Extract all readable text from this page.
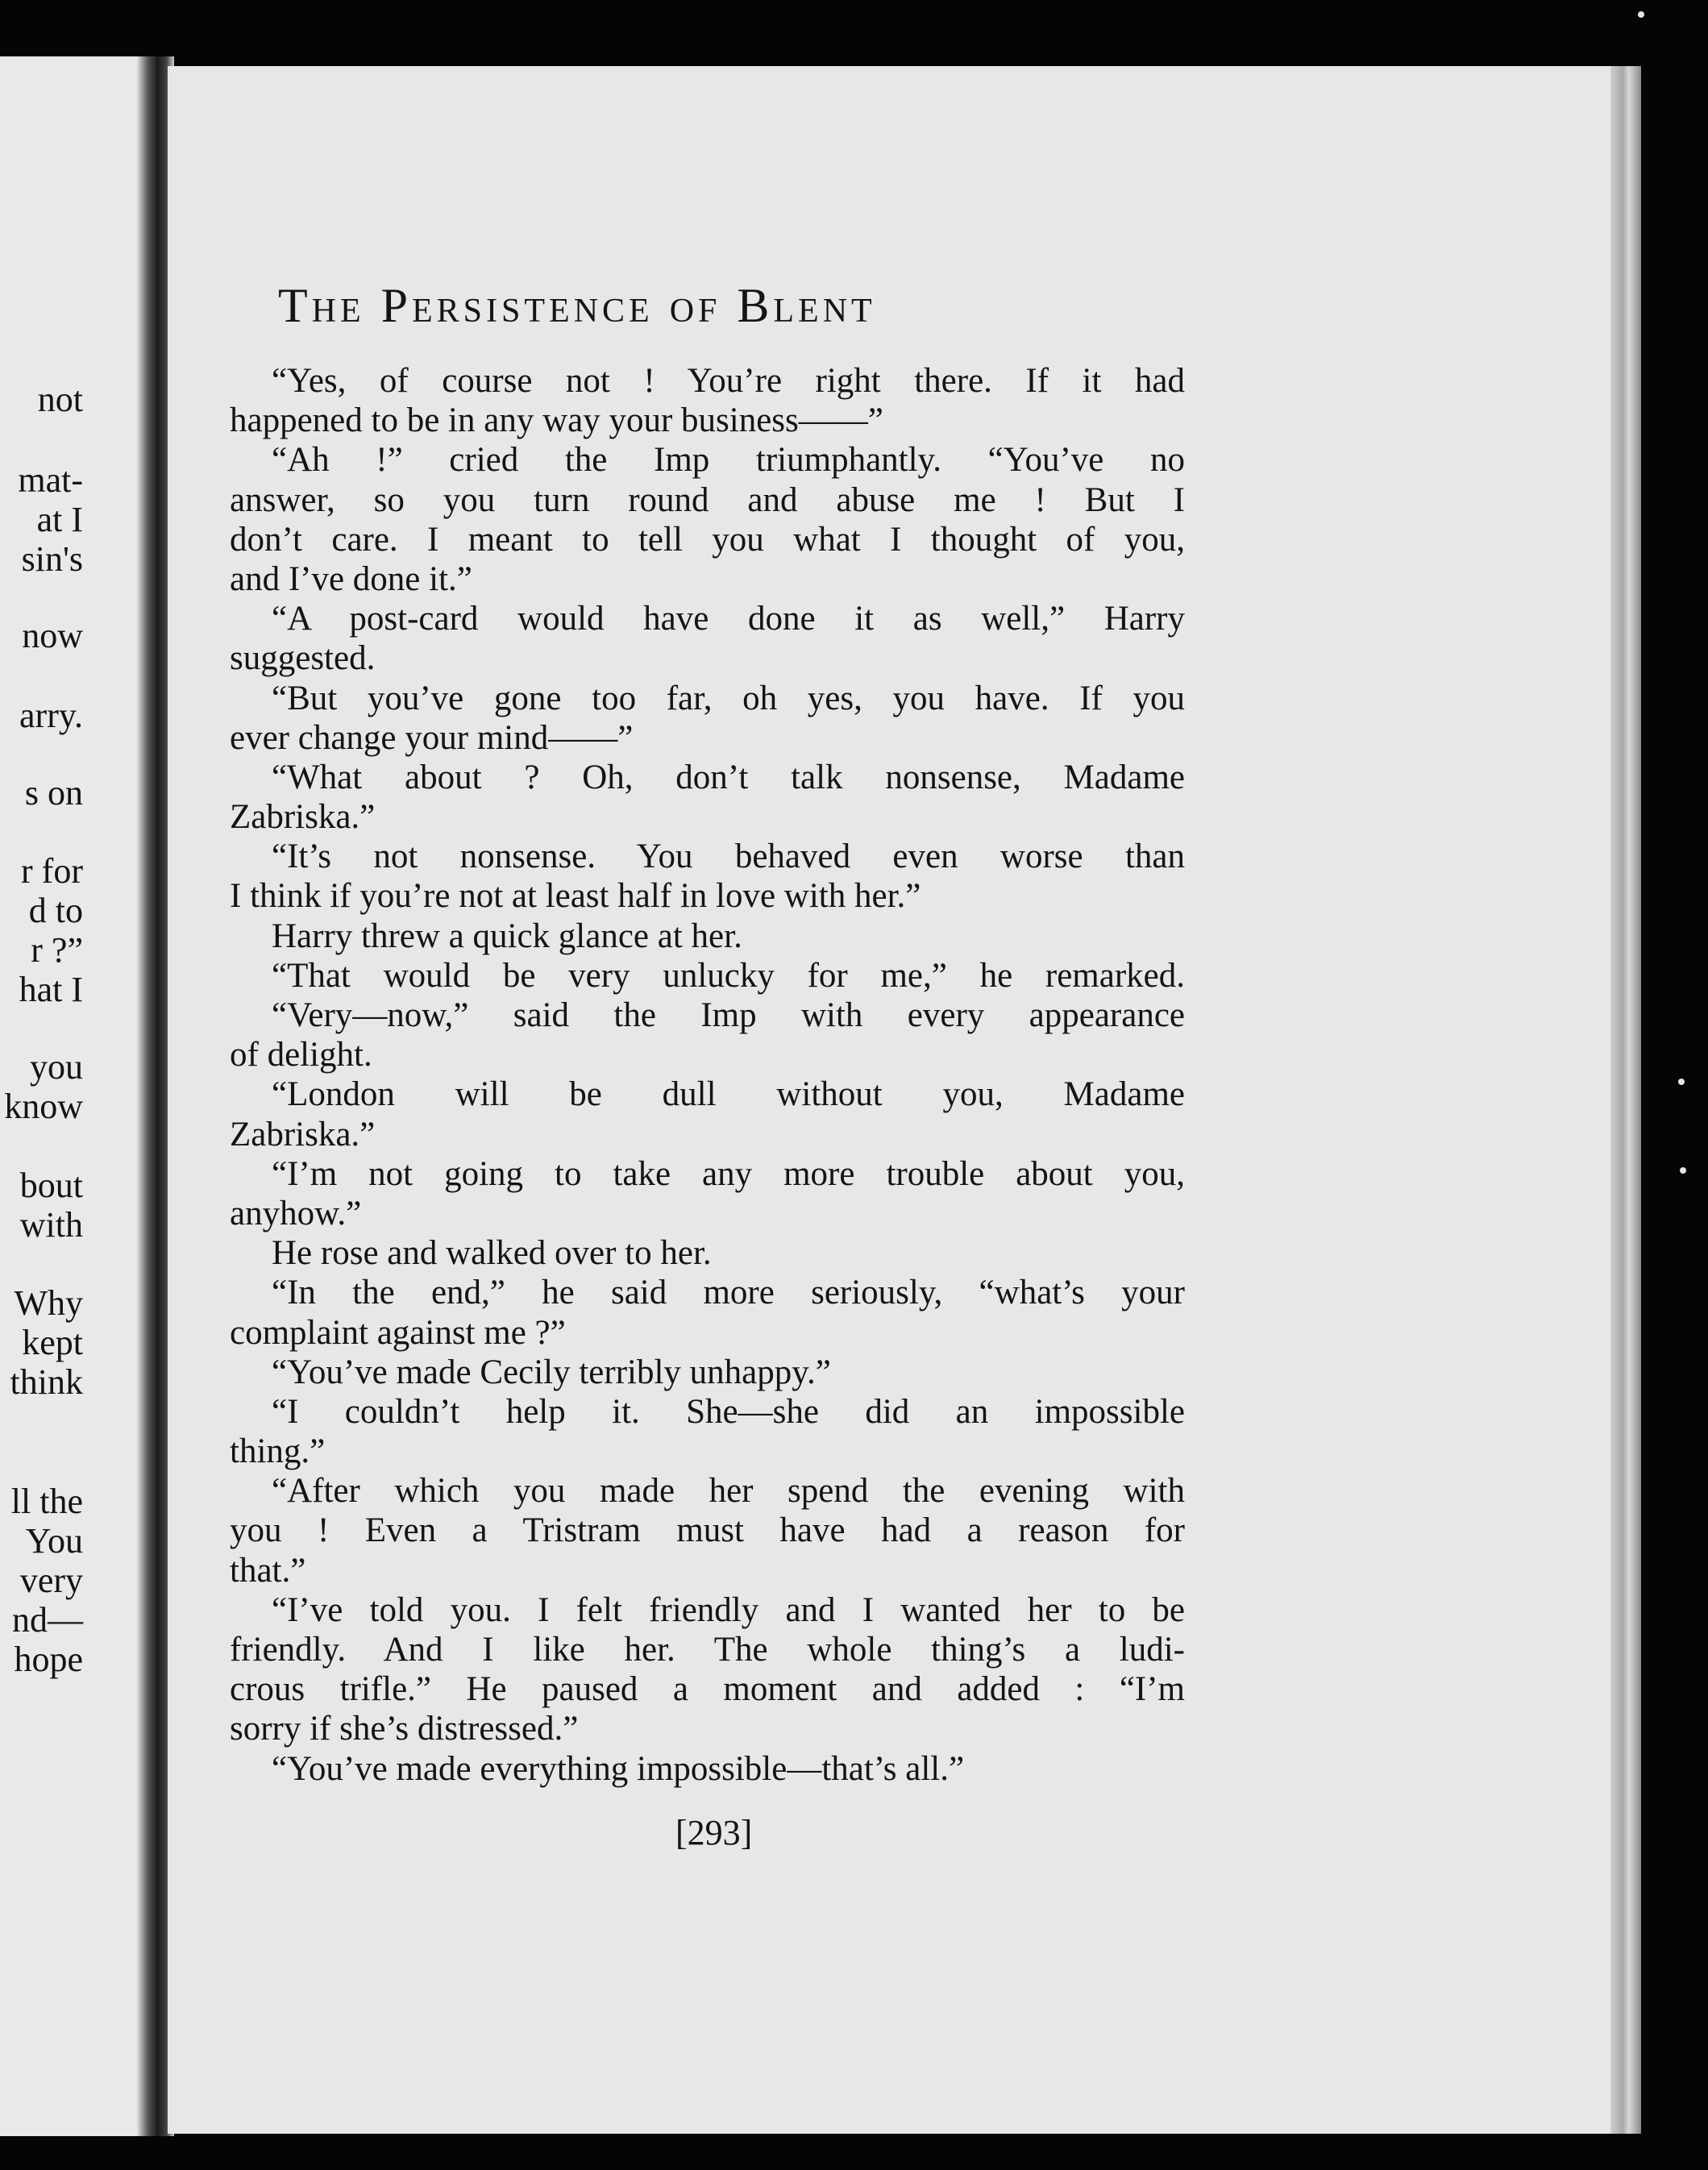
not
mat-
at I
sin's
now
arry.
s on
r for
d to
r ?”
hat I
you
know
bout
with
Why
kept
think
ll the
You
very
nd—
hope
The Persistence of Blent
“Yes, of course not ! You’re right there. If it had
happened to be in any way your business——”
“Ah !” cried the Imp triumphantly. “You’ve no
answer, so you turn round and abuse me ! But I
don’t care. I meant to tell you what I thought of you,
and I’ve done it.”
“A post-card would have done it as well,” Harry
suggested.
“But you’ve gone too far, oh yes, you have. If you
ever change your mind——”
“What about ? Oh, don’t talk nonsense, Madame
Zabriska.”
“It’s not nonsense. You behaved even worse than
I think if you’re not at least half in love with her.”
Harry threw a quick glance at her.
“That would be very unlucky for me,” he remarked.
“Very—now,” said the Imp with every appearance
of delight.
“London will be dull without you, Madame
Zabriska.”
“I’m not going to take any more trouble about you,
anyhow.”
He rose and walked over to her.
“In the end,” he said more seriously, “what’s your
complaint against me ?”
“You’ve made Cecily terribly unhappy.”
“I couldn’t help it. She—she did an impossible
thing.”
“After which you made her spend the evening with
you ! Even a Tristram must have had a reason for
that.”
“I’ve told you. I felt friendly and I wanted her to be
friendly. And I like her. The whole thing’s a ludi-
crous trifle.” He paused a moment and added : “I’m
sorry if she’s distressed.”
“You’ve made everything impossible—that’s all.”
[293]
